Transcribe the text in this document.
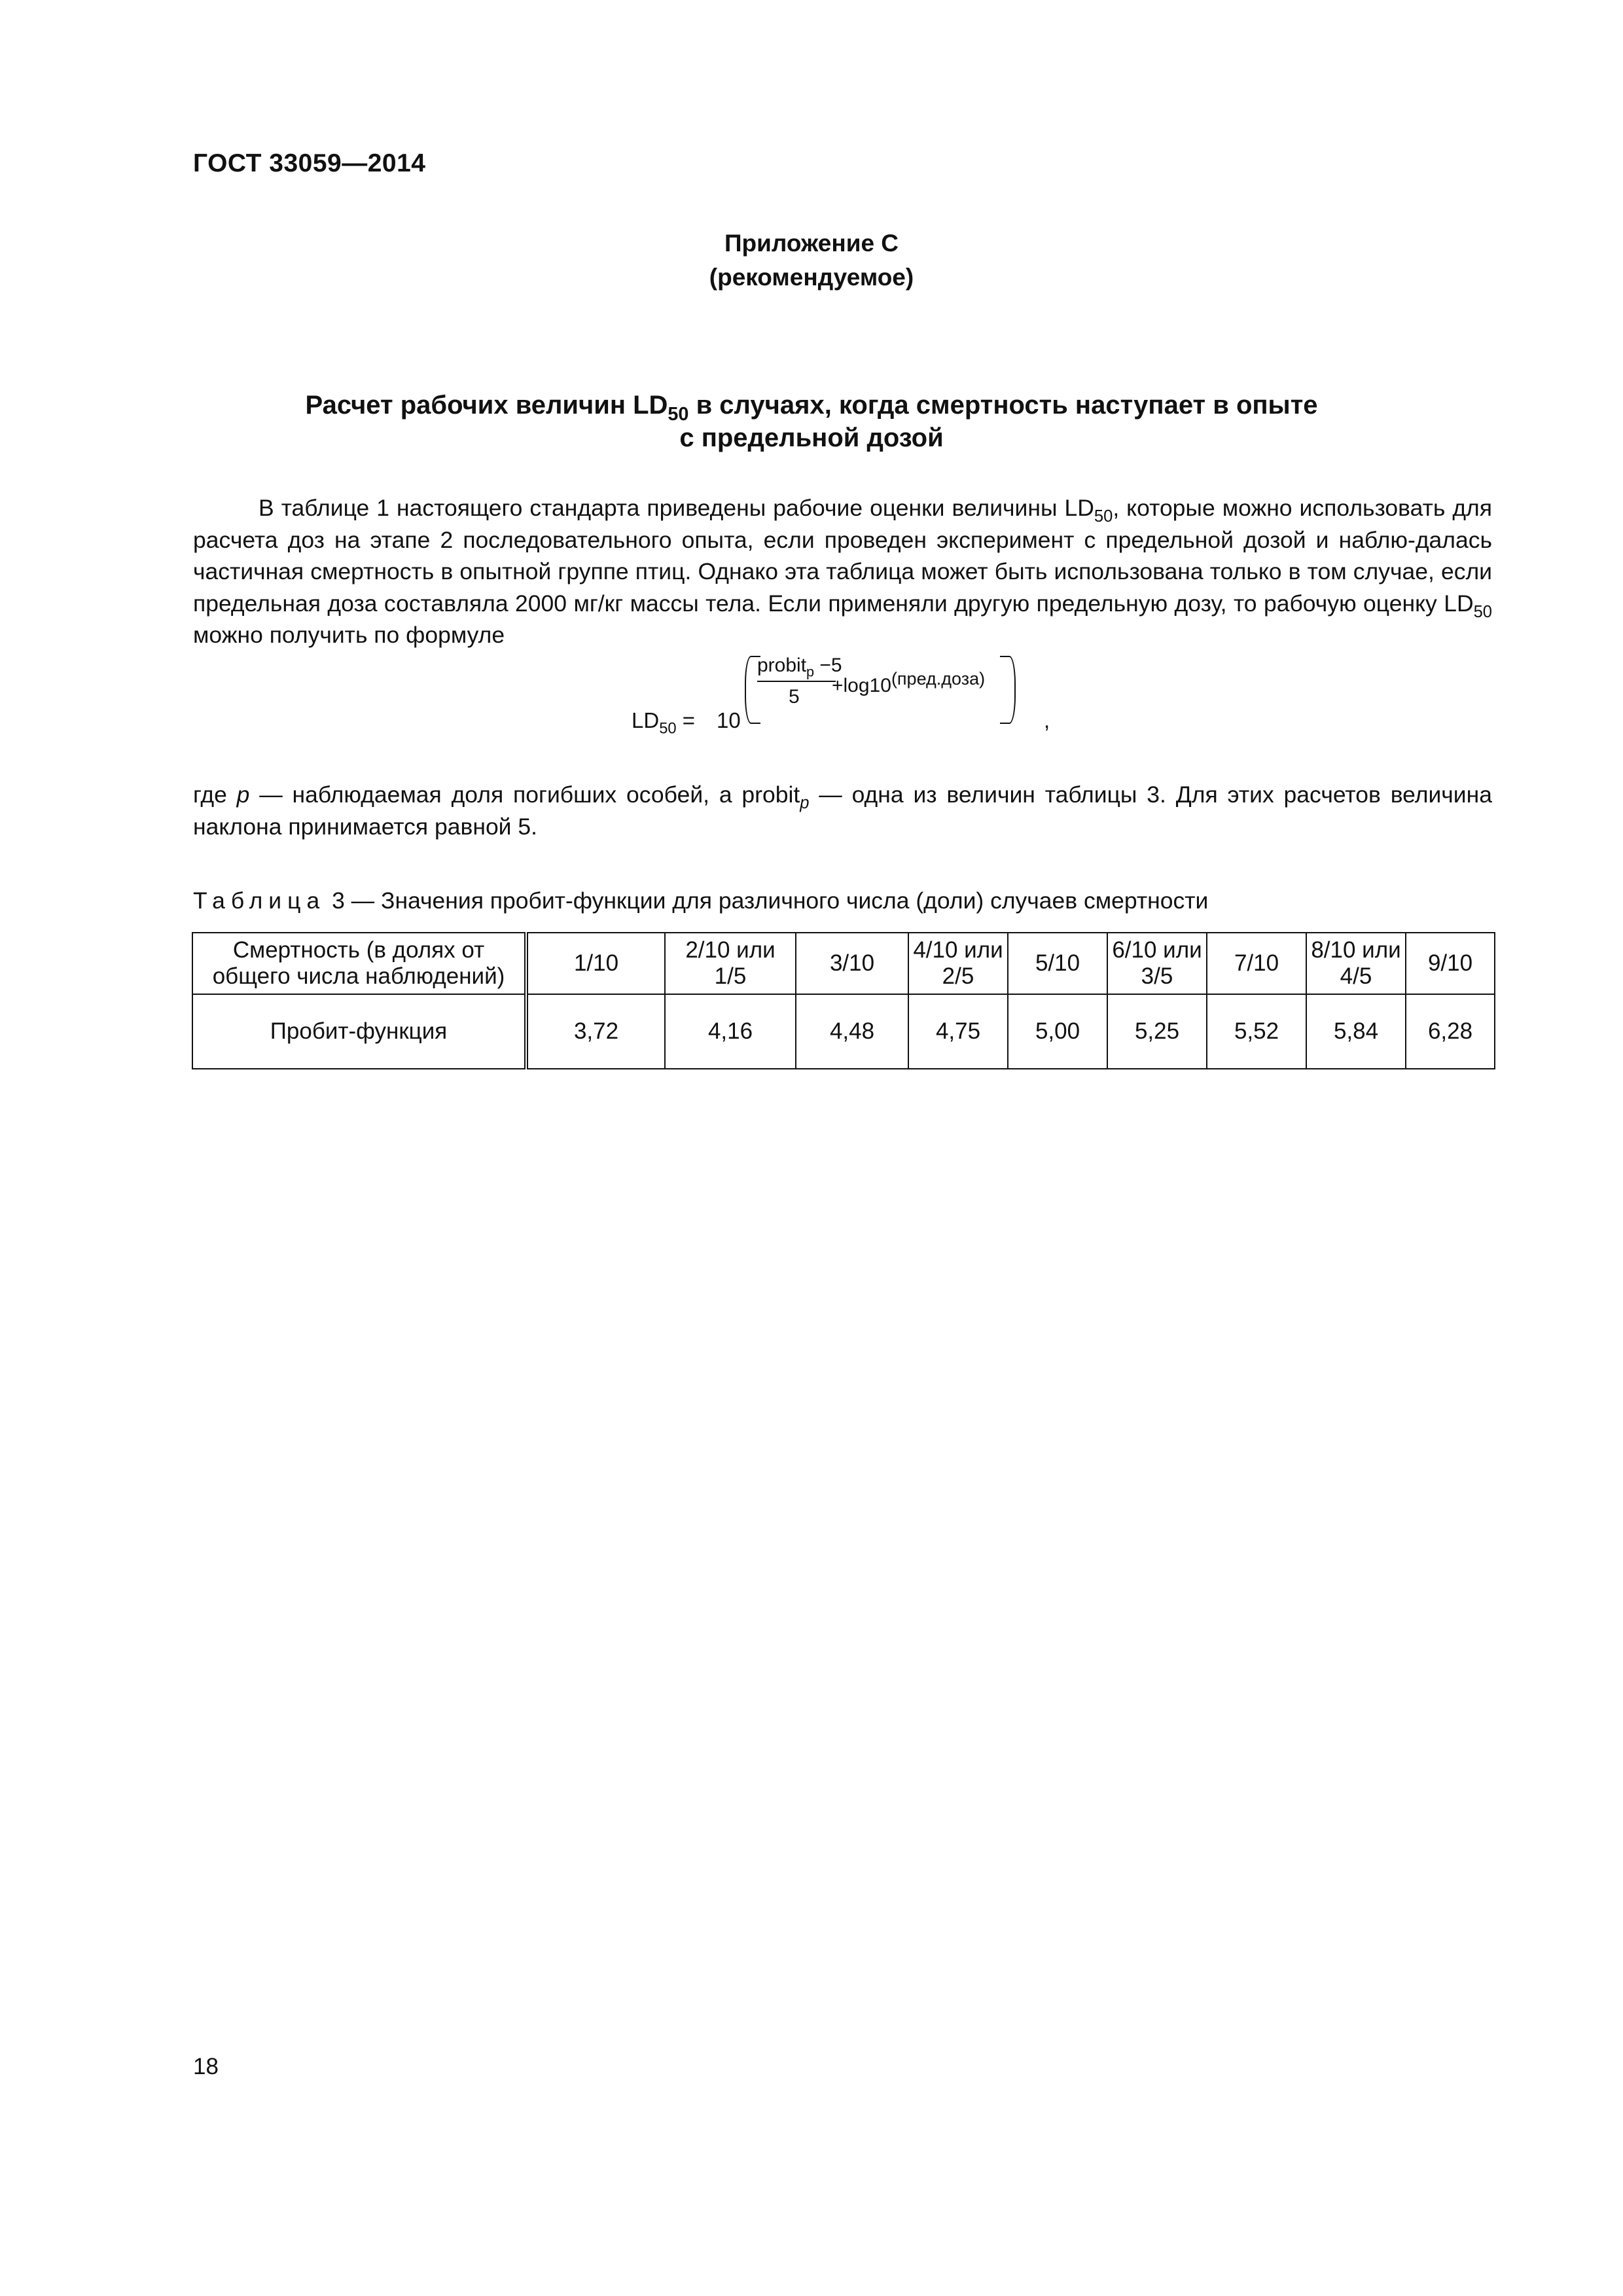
ГОСТ 33059—2014
Приложение С
(рекомендуемое)
Расчет рабочих величин $LD_{50}$ в случаях, когда смертность наступает в опыте
с предельной дозой
В таблице 1 настоящего стандарта приведены рабочие оценки величины $LD_{50}$, которые можно использовать для расчета доз на этапе 2 последовательного опыта, если проведен эксперимент с предельной дозой и наблю-далась частичная смертность в опытной группе птиц. Однако эта таблица может быть использована только в том случае, если предельная доза составляла 2000 мг/кг массы тела. Если применяли другую предельную дозу, то рабочую оценку $LD_{50}$ можно получить по формуле
$LD_{50} = 10$
probit$_p$ −5
5
$+\log 10^{(пред.доза)}$
,
где p — наблюдаемая доля погибших особей, а probit$_p$ — одна из величин таблицы 3. Для этих расчетов величина наклона принимается равной 5.
Таблица 3 — Значения пробит-функции для различного числа (доли) случаев смертности
Смертность (в долях от общего числа наблюдений)	1/10	2/10 или 1/5	3/10	4/10 или 2/5	5/10	6/10 или 3/5	7/10	8/10 или 4/5	9/10
Пробит-функция	3,72	4,16	4,48	4,75	5,00	5,25	5,52	5,84	6,28
18
